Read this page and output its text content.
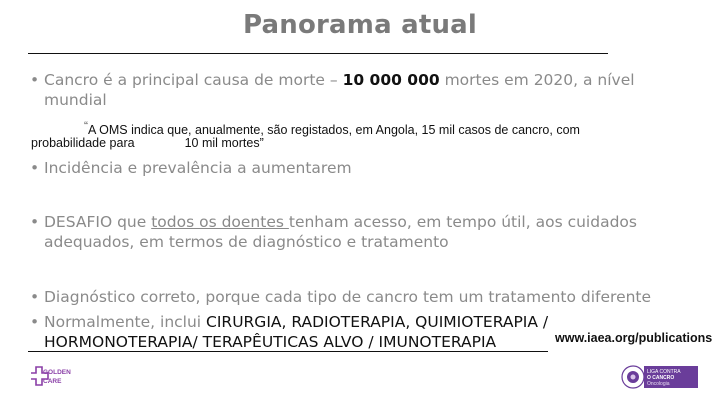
Panorama atual
• Cancro é a principal causa de morte – 10 000 000 mortes em 2020, a nível
mundial
“A OMS indica que, anualmente, são registados, em Angola, 15 mil casos de cancro, com
probabilidade para	10 mil mortes”
• Incidência e prevalência a aumentarem
• DESAFIO que todos os doentes tenham acesso, em tempo útil, aos cuidados
adequados, em termos de diagnóstico e tratamento
• Diagnóstico correto, porque cada tipo de cancro tem um tratamento diferente
• Normalmente, inclui CIRURGIA, RADIOTERAPIA, QUIMIOTERAPIA /
HORMONOTERAPIA/ TERAPÊUTICAS ALVO / IMUNOTERAPIA	www.iaea.org/publications
GOLDEN
CARE
LIGA CONTRA
O CANCRO
Oncologia
